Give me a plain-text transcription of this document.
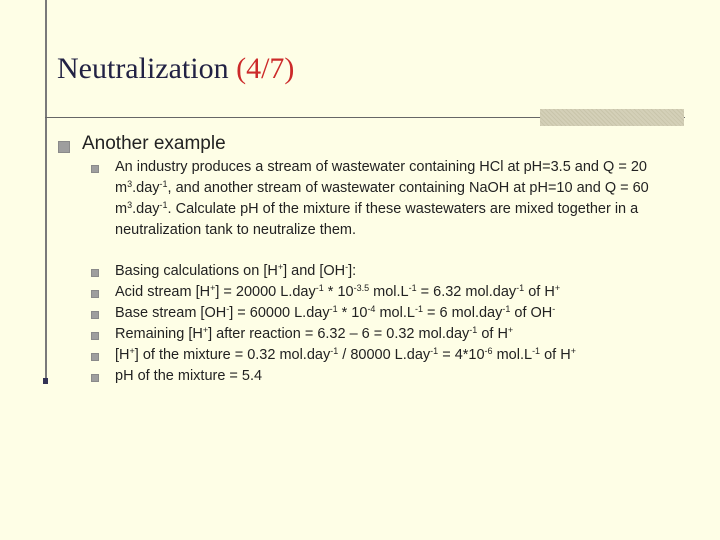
Neutralization (4/7)
Another example
An industry produces a stream of wastewater containing HCl at pH=3.5 and Q = 20 $m^3.day^{-1}$, and another stream of wastewater containing NaOH at pH=10 and Q = 60 $m^3.day^{-1}$. Calculate pH of the mixture if these wastewaters are mixed together in a neutralization tank to neutralize them.
Basing calculations on [H+] and [OH-]:
Acid stream [H+] = 20000 $L.day^{-1} * 10^{-3.5}$ $mol.L^{-1} = 6.32$ mol.day$^{-1}$ of H+
Base stream [OH-] = 60000 $L.day^{-1} * 10^{-4}$ $mol.L^{-1} = 6$ mol.day$^{-1}$ of OH-
Remaining [H+] after reaction = 6.32 – 6 = 0.32 mol.day$^{-1}$ of H+
[H+] of the mixture = 0.32 mol.day$^{-1}$ / 80000 $L.day^{-1} = 4*10^{-6}$ $mol.L^{-1}$ of H+
pH of the mixture = 5.4
